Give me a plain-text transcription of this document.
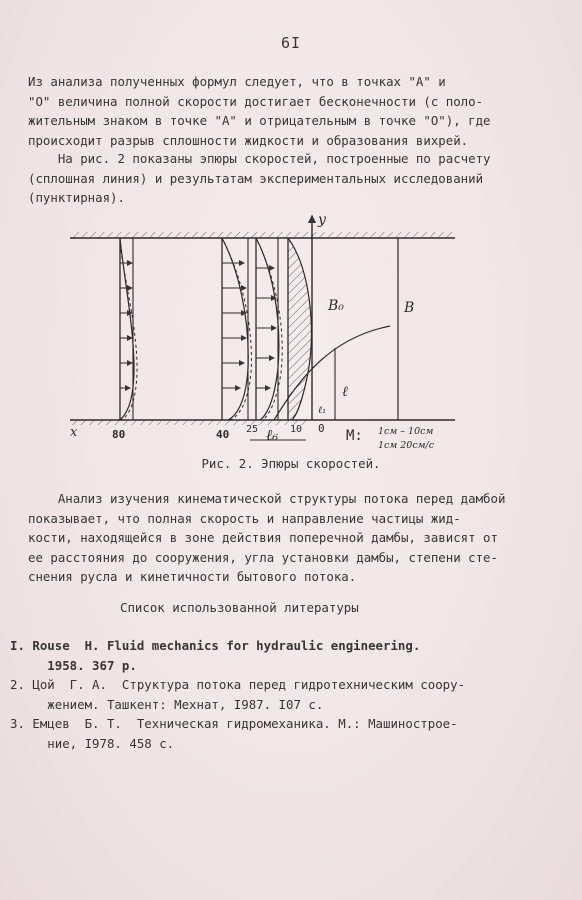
6I
Из анализа полученных формул следует, что в точках "А" и
"О" величина полной скорости достигает бесконечности (с поло-
жительным знаком в точке "А" и отрицательным в точке "О"), где
происходит разрыв сплошности жидкости и образования вихрей.
На рис. 2 показаны эпюры скоростей, построенные по расчету
(сплошная линия) и результатам экспериментальных исследований
(пунктирная).
y
B₀	B
ℓ
ℓ₁
x	80	40 25 ℓ₆ 10 0 M: 1см – 10см
1см 20см/с
Рис. 2. Эпюры скоростей.
Анализ изучения кинематической структуры потока перед дамбой
показывает, что полная скорость и направление частицы жид-
кости, находящейся в зоне действия поперечной дамбы, зависят от
ее расстояния до сооружения, угла установки дамбы, степени сте-
снения русла и кинетичности бытового потока.
Список использованной литературы
I. Rouse  H. Fluid mechanics for hydraulic engineering.
1958. 367 p.
2. Цой  Г. А.  Структура потока перед гидротехническим соору-
жением. Ташкент: Мехнат, I987. I07 с.
3. Емцев  Б. Т.  Техническая гидромеханика. М.: Машинострое-
ние, I978. 458 с.
